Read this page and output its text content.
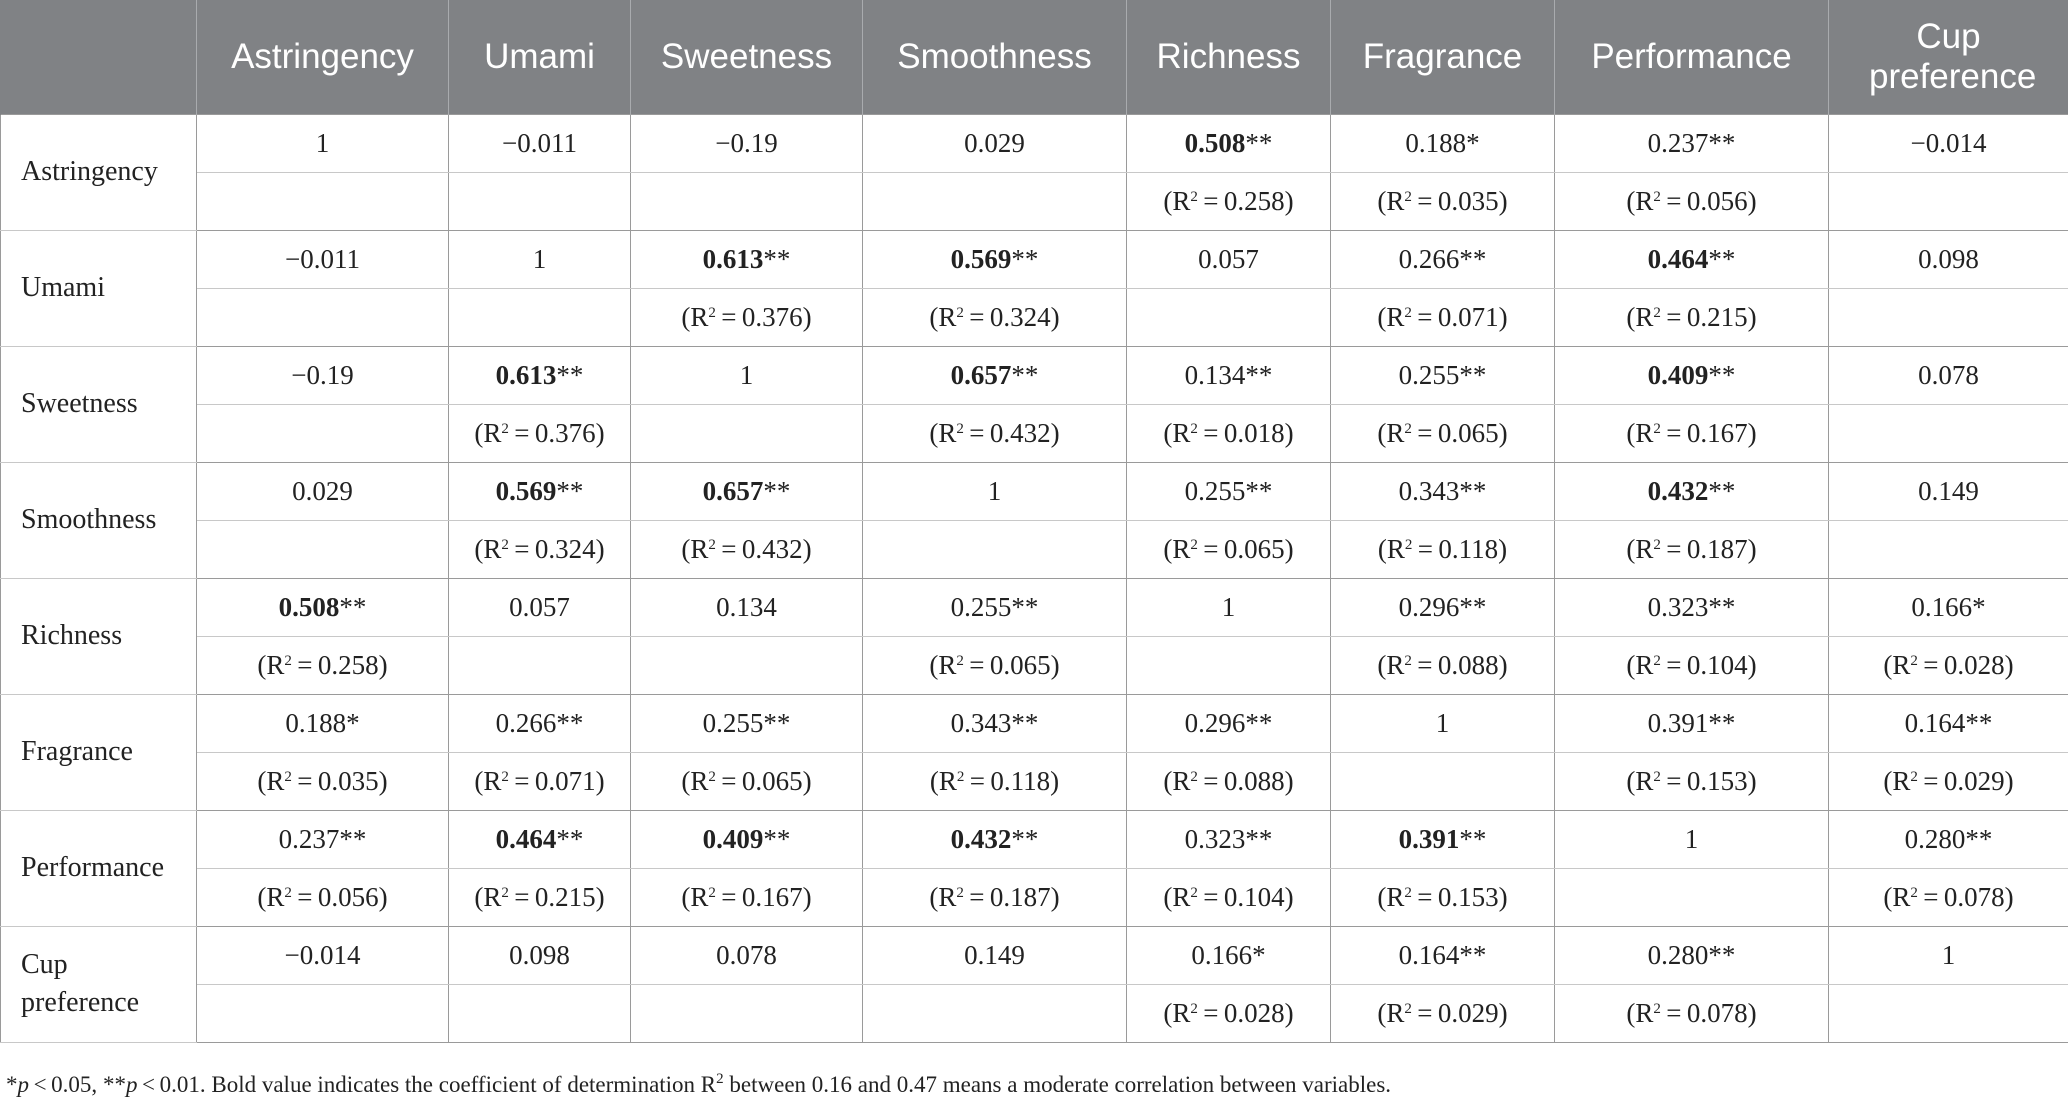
	Astringency	Umami	Sweetness	Smoothness	Richness	Fragrance	Performance	Cup preference
Astringency	1	−0.011	−0.19	0.029	0.508**	0.188*	0.237**	−0.014
					$(R^2 = 0.258)$	$(R^2 = 0.035)$	$(R^2 = 0.056)$	
Umami	−0.011	1	0.613**	0.569**	0.057	0.266**	0.464**	0.098
			$(R^2 = 0.376)$	$(R^2 = 0.324)$		$(R^2 = 0.071)$	$(R^2 = 0.215)$	
Sweetness	−0.19	0.613**	1	0.657**	0.134**	0.255**	0.409**	0.078
		$(R^2 = 0.376)$		$(R^2 = 0.432)$	$(R^2 = 0.018)$	$(R^2 = 0.065)$	$(R^2 = 0.167)$	
Smoothness	0.029	0.569**	0.657**	1	0.255**	0.343**	0.432**	0.149
		$(R^2 = 0.324)$	$(R^2 = 0.432)$		$(R^2 = 0.065)$	$(R^2 = 0.118)$	$(R^2 = 0.187)$	
Richness	0.508**	0.057	0.134	0.255**	1	0.296**	0.323**	0.166*
	$(R^2 = 0.258)$			$(R^2 = 0.065)$		$(R^2 = 0.088)$	$(R^2 = 0.104)$	$(R^2 = 0.028)$
Fragrance	0.188*	0.266**	0.255**	0.343**	0.296**	1	0.391**	0.164**
	$(R^2 = 0.035)$	$(R^2 = 0.071)$	$(R^2 = 0.065)$	$(R^2 = 0.118)$	$(R^2 = 0.088)$		$(R^2 = 0.153)$	$(R^2 = 0.029)$
Performance	0.237**	0.464**	0.409**	0.432**	0.323**	0.391**	1	0.280**
	$(R^2 = 0.056)$	$(R^2 = 0.215)$	$(R^2 = 0.167)$	$(R^2 = 0.187)$	$(R^2 = 0.104)$	$(R^2 = 0.153)$		$(R^2 = 0.078)$
Cup preference	−0.014	0.098	0.078	0.149	0.166*	0.164**	0.280**	1
					$(R^2 = 0.028)$	$(R^2 = 0.029)$	$(R^2 = 0.078)$	
*p < 0.05, **p < 0.01. Bold value indicates the coefficient of determination $R^2$ between 0.16 and 0.47 means a moderate correlation between variables.
